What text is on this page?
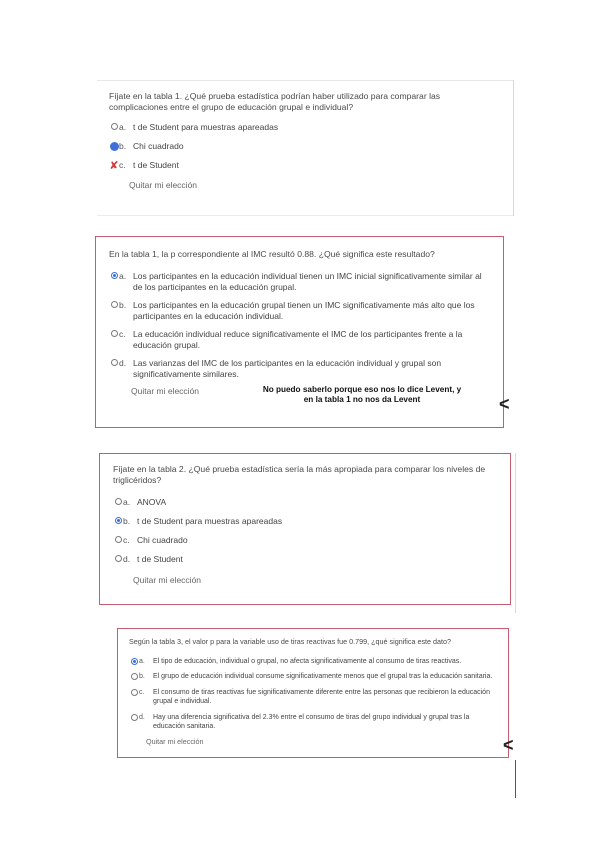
Fíjate en la tabla 1. ¿Qué prueba estadística podrían haber utilizado para comparar las complicaciones entre el grupo de educación grupal e individual?
a. t de Student para muestras apareadas
b. Chi cuadrado
✘ c. t de Student
Quitar mi elección
En la tabla 1, la p correspondiente al IMC resultó 0.88. ¿Qué significa este resultado?
a. Los participantes en la educación individual tienen un IMC inicial significativamente similar al de los participantes en la educación grupal.
b. Los participantes en la educación grupal tienen un IMC significativamente más alto que los participantes en la educación individual.
c. La educación individual reduce significativamente el IMC de los participantes frente a la educación grupal.
d. Las varianzas del IMC de los participantes en la educación individual y grupal son significativamente similares.
Quitar mi elección	No puedo saberlo porque eso nos lo dice Levent, y en la tabla 1 no nos da Levent	<
Fíjate en la tabla 2. ¿Qué prueba estadística sería la más apropiada para comparar los niveles de triglicéridos?
a. ANOVA
b. t de Student para muestras apareadas
c. Chi cuadrado
d. t de Student
Quitar mi elección
Según la tabla 3, el valor p para la variable uso de tiras reactivas fue 0.799, ¿qué significa este dato?
a.	El tipo de educación, individual o grupal, no afecta significativamente al consumo de tiras reactivas.
b.	El grupo de educación individual consume significativamente menos que el grupal tras la educación sanitaria.
c.	El consumo de tiras reactivas fue significativamente diferente entre las personas que recibieron la educación grupal e individual.
d.	Hay una diferencia significativa del 2.3% entre el consumo de tiras del grupo individual y grupal tras la educación sanitaria.
Quitar mi elección	<
